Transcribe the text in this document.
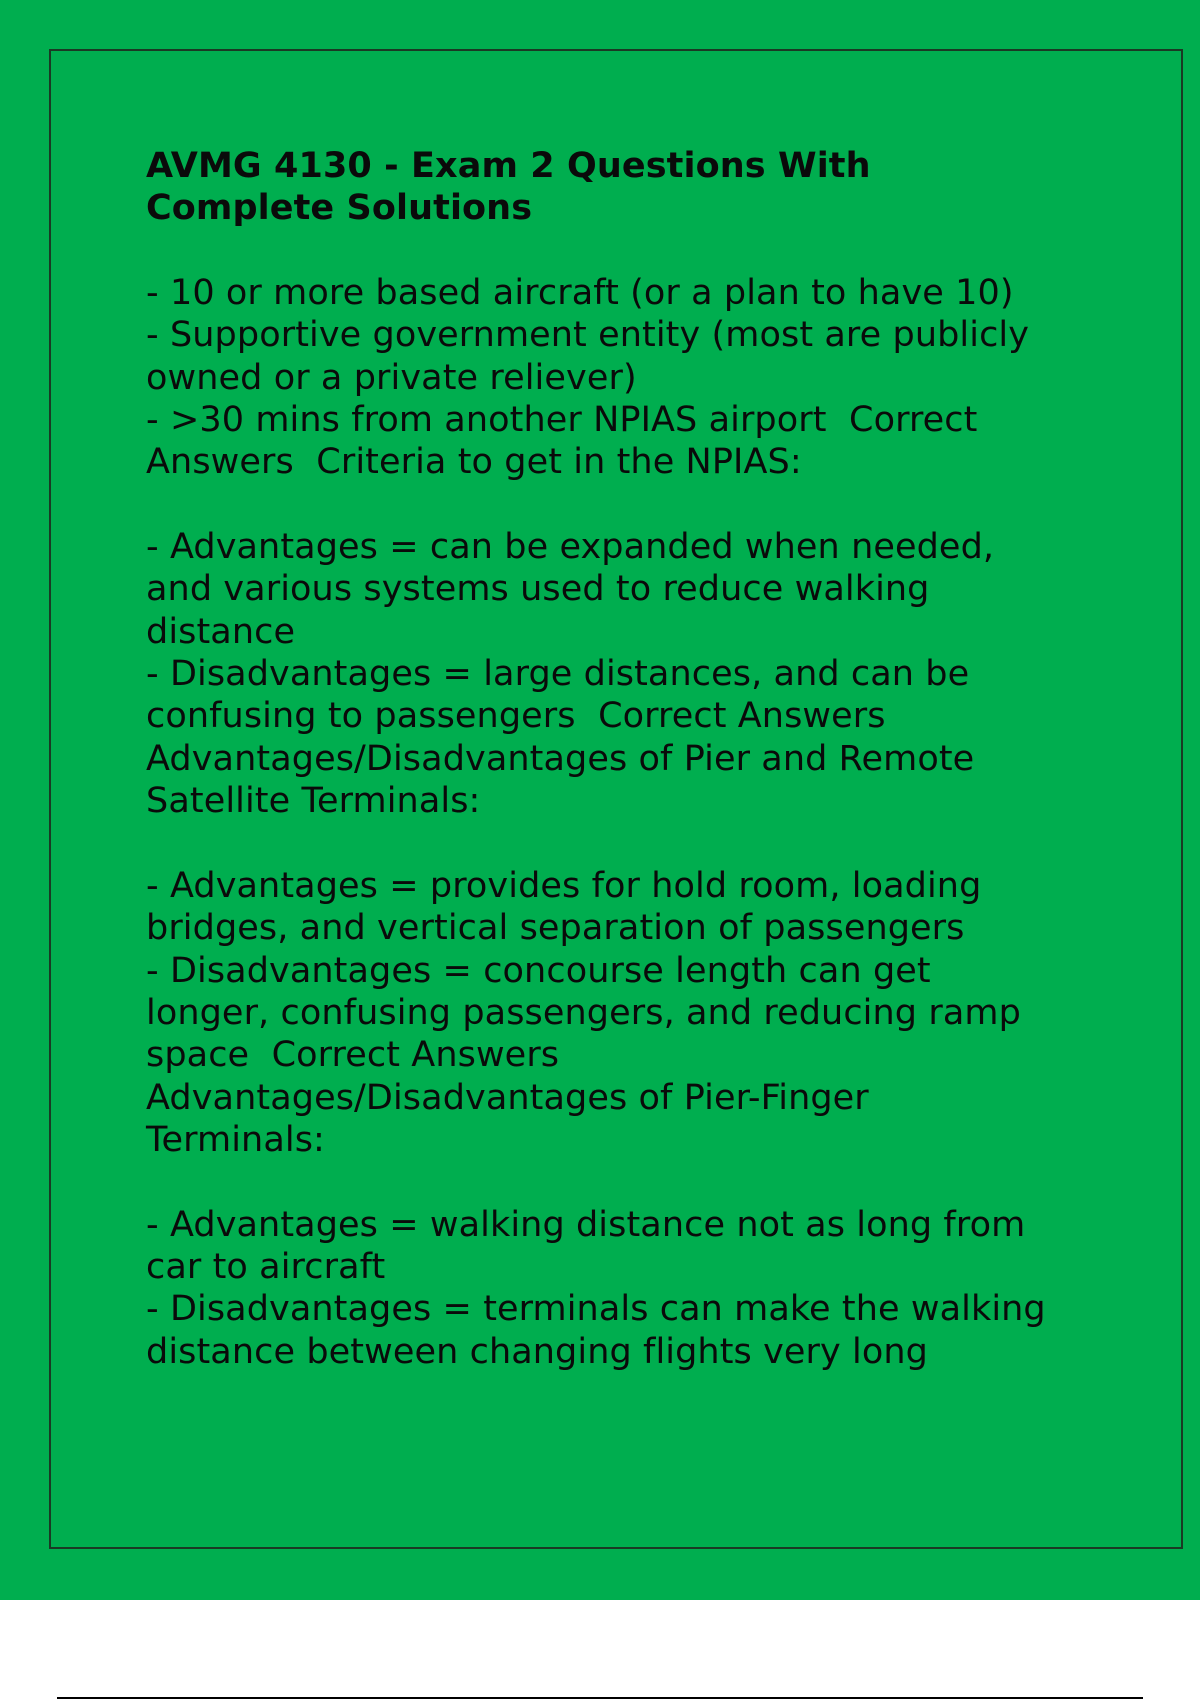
AVMG 4130 - Exam 2 Questions With
Complete Solutions
- 10 or more based aircraft (or a plan to have 10)
- Supportive government entity (most are publicly
owned or a private reliever)
- >30 mins from another NPIAS airport  Correct
Answers  Criteria to get in the NPIAS:
- Advantages = can be expanded when needed,
and various systems used to reduce walking
distance
- Disadvantages = large distances, and can be
confusing to passengers  Correct Answers
Advantages/Disadvantages of Pier and Remote
Satellite Terminals:
- Advantages = provides for hold room, loading
bridges, and vertical separation of passengers
- Disadvantages = concourse length can get
longer, confusing passengers, and reducing ramp
space  Correct Answers
Advantages/Disadvantages of Pier-Finger
Terminals:
- Advantages = walking distance not as long from
car to aircraft
- Disadvantages = terminals can make the walking
distance between changing flights very long
